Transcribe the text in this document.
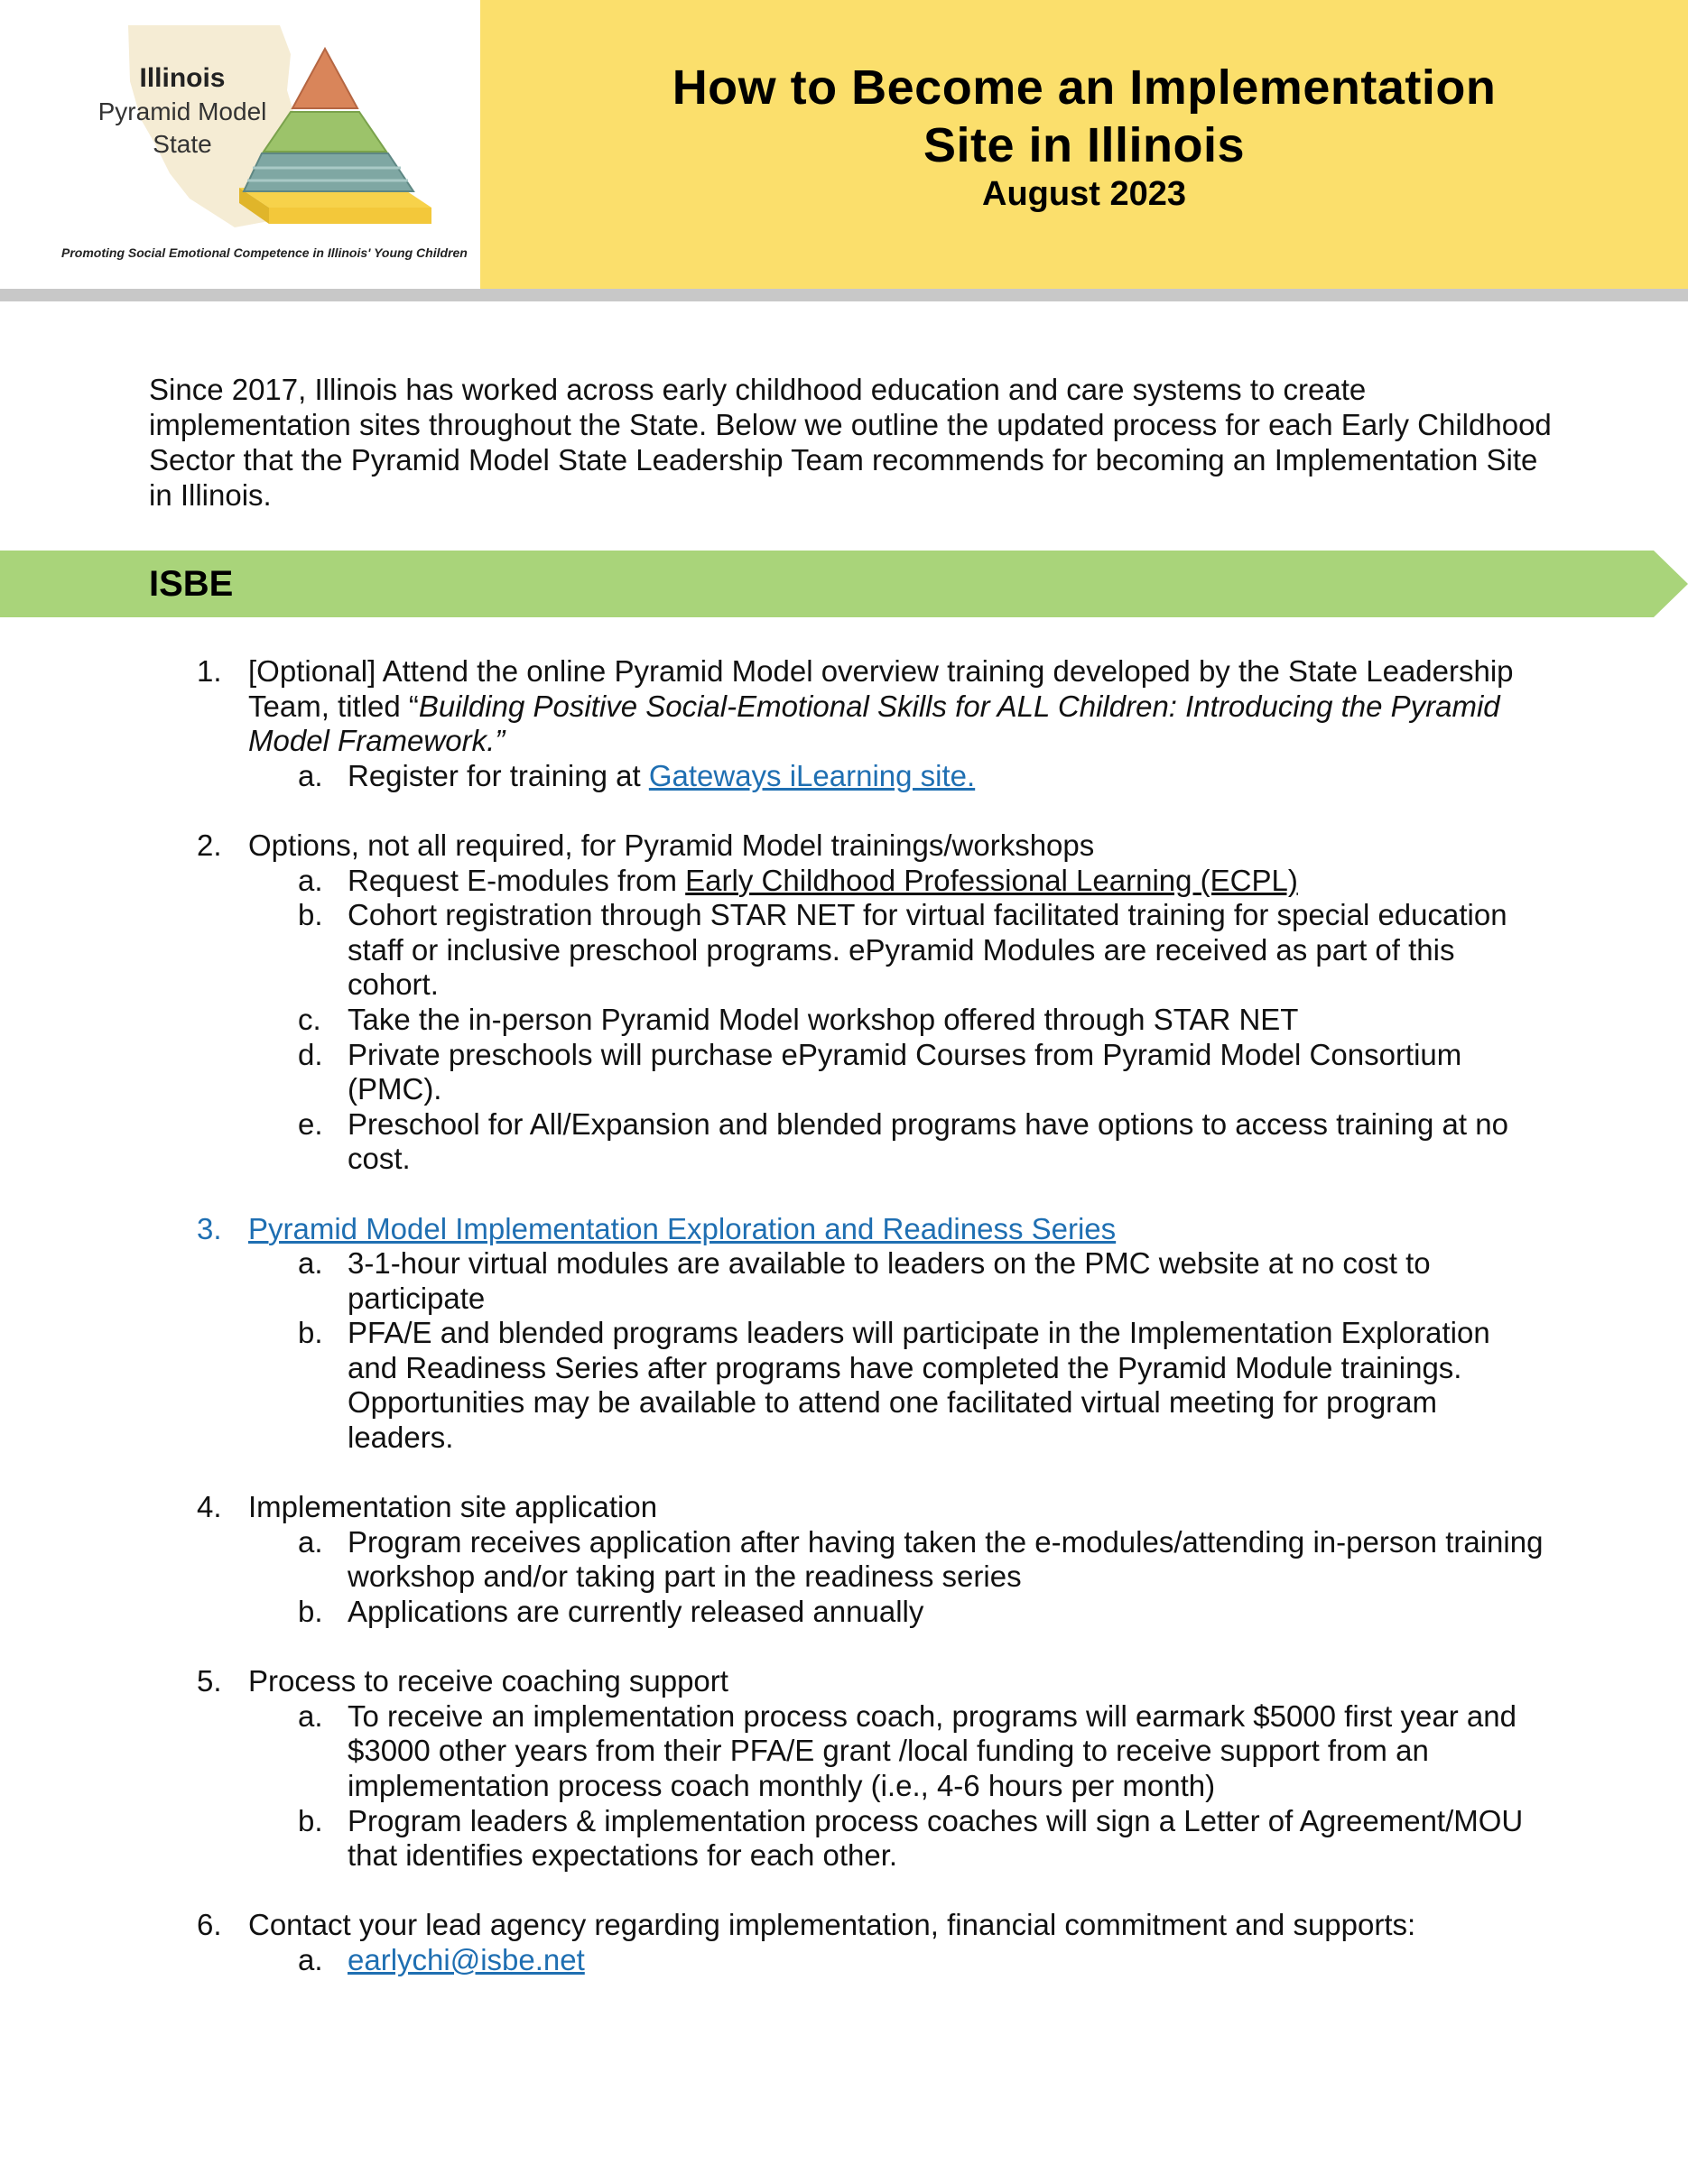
Illinois
Pyramid Model
State
Promoting Social Emotional Competence in Illinois' Young Children
How to Become an Implementation
Site in Illinois
August 2023
Since 2017, Illinois has worked across early childhood education and care systems to create implementation sites throughout the State. Below we outline the updated process for each Early Childhood Sector that the Pyramid Model State Leadership Team recommends for becoming an Implementation Site in Illinois.
ISBE
1. [Optional] Attend the online Pyramid Model overview training developed by the State Leadership Team, titled “Building Positive Social-Emotional Skills for ALL Children: Introducing the Pyramid Model Framework.”
a. Register for training at Gateways iLearning site.
2. Options, not all required, for Pyramid Model trainings/workshops
a. Request E-modules from Early Childhood Professional Learning (ECPL)
b. Cohort registration through STAR NET for virtual facilitated training for special education staff or inclusive preschool programs. ePyramid Modules are received as part of this cohort.
c. Take the in-person Pyramid Model workshop offered through STAR NET
d. Private preschools will purchase ePyramid Courses from Pyramid Model Consortium (PMC).
e. Preschool for All/Expansion and blended programs have options to access training at no cost.
3. Pyramid Model Implementation Exploration and Readiness Series
a. 3-1-hour virtual modules are available to leaders on the PMC website at no cost to participate
b. PFA/E and blended programs leaders will participate in the Implementation Exploration and Readiness Series after programs have completed the Pyramid Module trainings. Opportunities may be available to attend one facilitated virtual meeting for program leaders.
4. Implementation site application
a. Program receives application after having taken the e-modules/attending in-person training workshop and/or taking part in the readiness series
b. Applications are currently released annually
5. Process to receive coaching support
a. To receive an implementation process coach, programs will earmark $5000 first year and $3000 other years from their PFA/E grant /local funding to receive support from an implementation process coach monthly (i.e., 4-6 hours per month)
b. Program leaders & implementation process coaches will sign a Letter of Agreement/MOU that identifies expectations for each other.
6. Contact your lead agency regarding implementation, financial commitment and supports:
a. earlychi@isbe.net
